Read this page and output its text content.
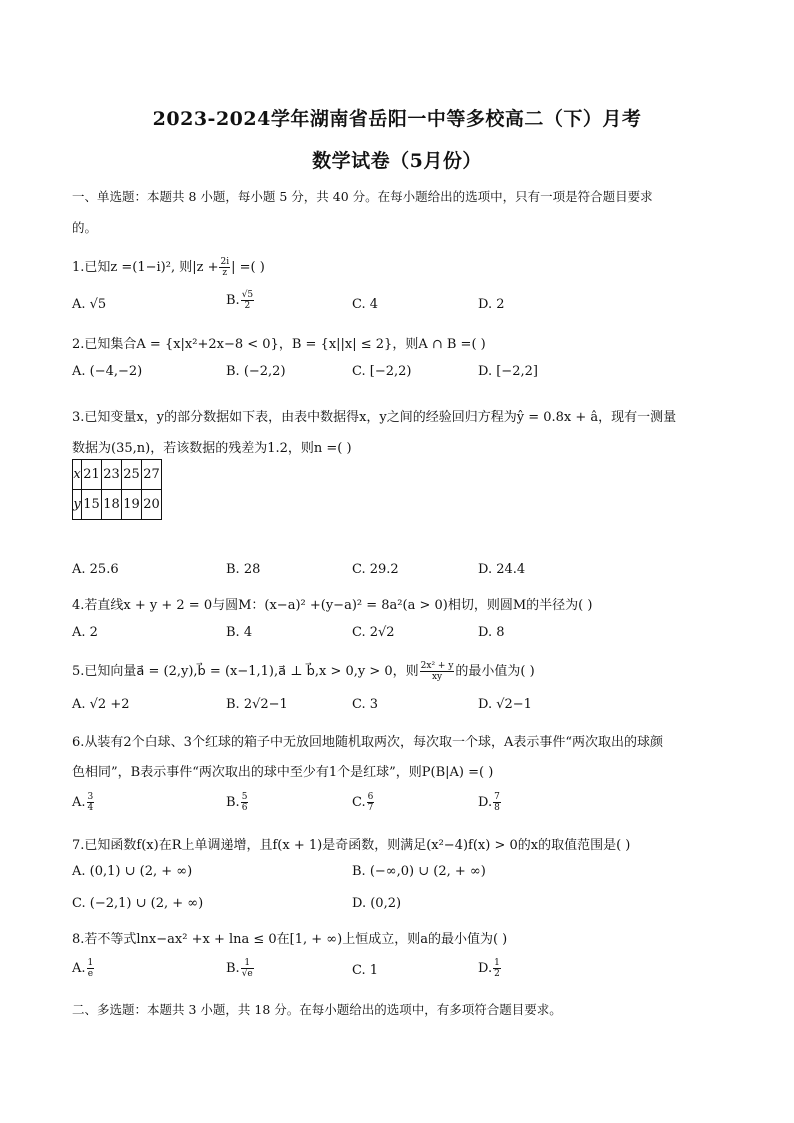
2023-2024学年湖南省岳阳一中等多校高二（下）月考
数学试卷（5月份）
一、单选题：本题共 8 小题，每小题 5 分，共 40 分。在每小题给出的选项中，只有一项是符合题目要求
的。
1.已知z =(1−i)², 则$|z + \frac{2i}{z}$ | =( )
A. √5	B. $\frac{√5}{2}$	C. 4	D. 2
2.已知集合A = {x|x²+2x−8 < 0}，B = {x||x| ≤ 2}，则A ∩ B =( )
A. (−4,−2)	B. (−2,2)	C. [−2,2)	D. [−2,2]
3.已知变量x，y的部分数据如下表，由表中数据得x，y之间的经验回归方程为ŷ = 0.8x + â，现有一测量
数据为(35,n)，若该数据的残差为1.2，则n =( )
x	21	23	25	27
y	15	18	19	20
A. 25.6	B. 28	C. 29.2	D. 24.4
4.若直线x + y + 2 = 0与圆M：(x−a)² +(y−a)² = 8a²(a > 0)相切，则圆M的半径为( )
A. 2	B. 4	C. 2√2	D. 8
5.已知向量a⃗ = (2,y),b⃗ = (x−1,1),a⃗ ⊥ b⃗,x > 0,y > 0，则 $\frac{\text{2x² + y}}{xy}$ 的最小值为( )
A. √2 +2	B. 2√2−1	C. 3	D. √2−1
6.从装有2个白球、3个红球的箱子中无放回地随机取两次，每次取一个球，A表示事件“两次取出的球颜
色相同”，B表示事件“两次取出的球中至少有1个是红球”，则P(B|A) =( )
A. $\frac{3}{4}$	B. $\frac{5}{6}$	C. $\frac{6}{7}$	D. $\frac{7}{8}$
7.已知函数f(x)在R上单调递增，且f(x + 1)是奇函数，则满足(x²−4)f(x) > 0的x的取值范围是( )
A. (0,1) ∪ (2, + ∞)	B. (−∞,0) ∪ (2, + ∞)
C. (−2,1) ∪ (2, + ∞)	D. (0,2)
8.若不等式lnx−ax² +x + lna ≤ 0在[1, + ∞)上恒成立，则a的最小值为( )
A. $\frac{1}{e}$	B. $\frac{1}{√e}$	C. 1	D. $\frac{1}{2}$
二、多选题：本题共 3 小题，共 18 分。在每小题给出的选项中，有多项符合题目要求。
